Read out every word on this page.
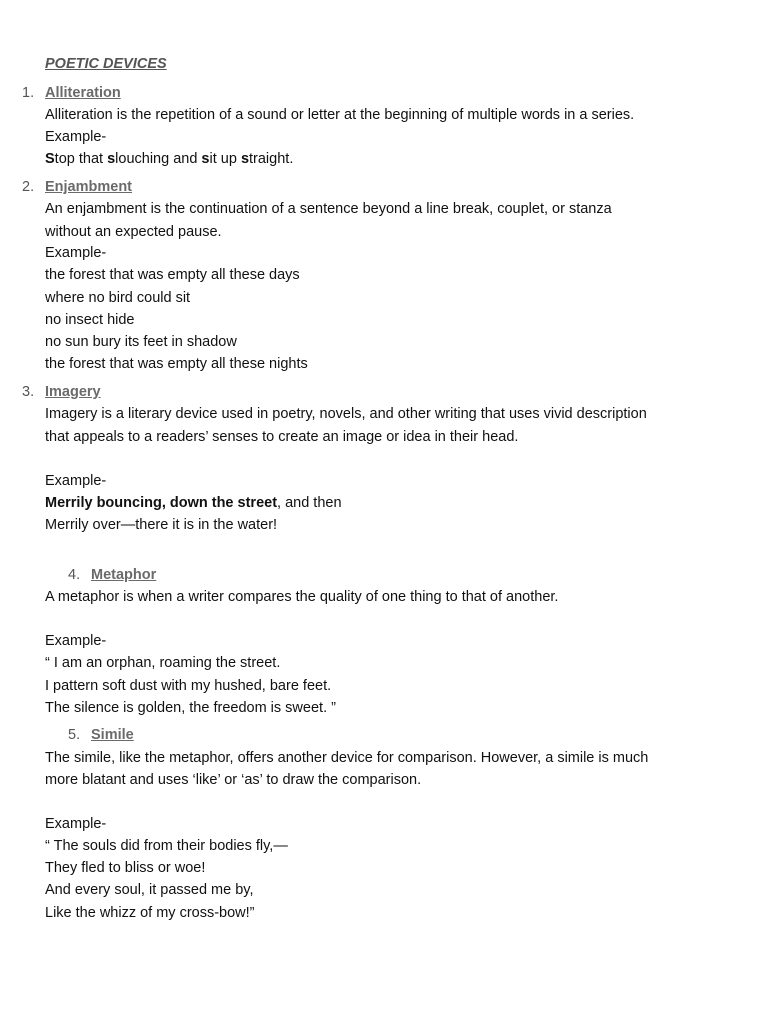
POETIC DEVICES
1. Alliteration
Alliteration is the repetition of a sound or letter at the beginning of multiple words in a series.
Example-
Stop that slouching and sit up straight.
2. Enjambment
An enjambment is the continuation of a sentence beyond a line break, couplet, or stanza
without an expected pause.
Example-
the forest that was empty all these days
where no bird could sit
no insect hide
no sun bury its feet in shadow
the forest that was empty all these nights
3. Imagery
Imagery is a literary device used in poetry, novels, and other writing that uses vivid description
that appeals to a readers’ senses to create an image or idea in their head.
Example-
Merrily bouncing, down the street, and then
Merrily over—there it is in the water!
4. Metaphor
A metaphor is when a writer compares the quality of one thing to that of another.
Example-
“ I am an orphan, roaming the street.
I pattern soft dust with my hushed, bare feet.
The silence is golden, the freedom is sweet. ”
5. Simile
The simile, like the metaphor, offers another device for comparison. However, a simile is much
more blatant and uses ‘like’ or ‘as’ to draw the comparison.
Example-
“ The souls did from their bodies fly,—
They fled to bliss or woe!
And every soul, it passed me by,
Like the whizz of my cross-bow!”
